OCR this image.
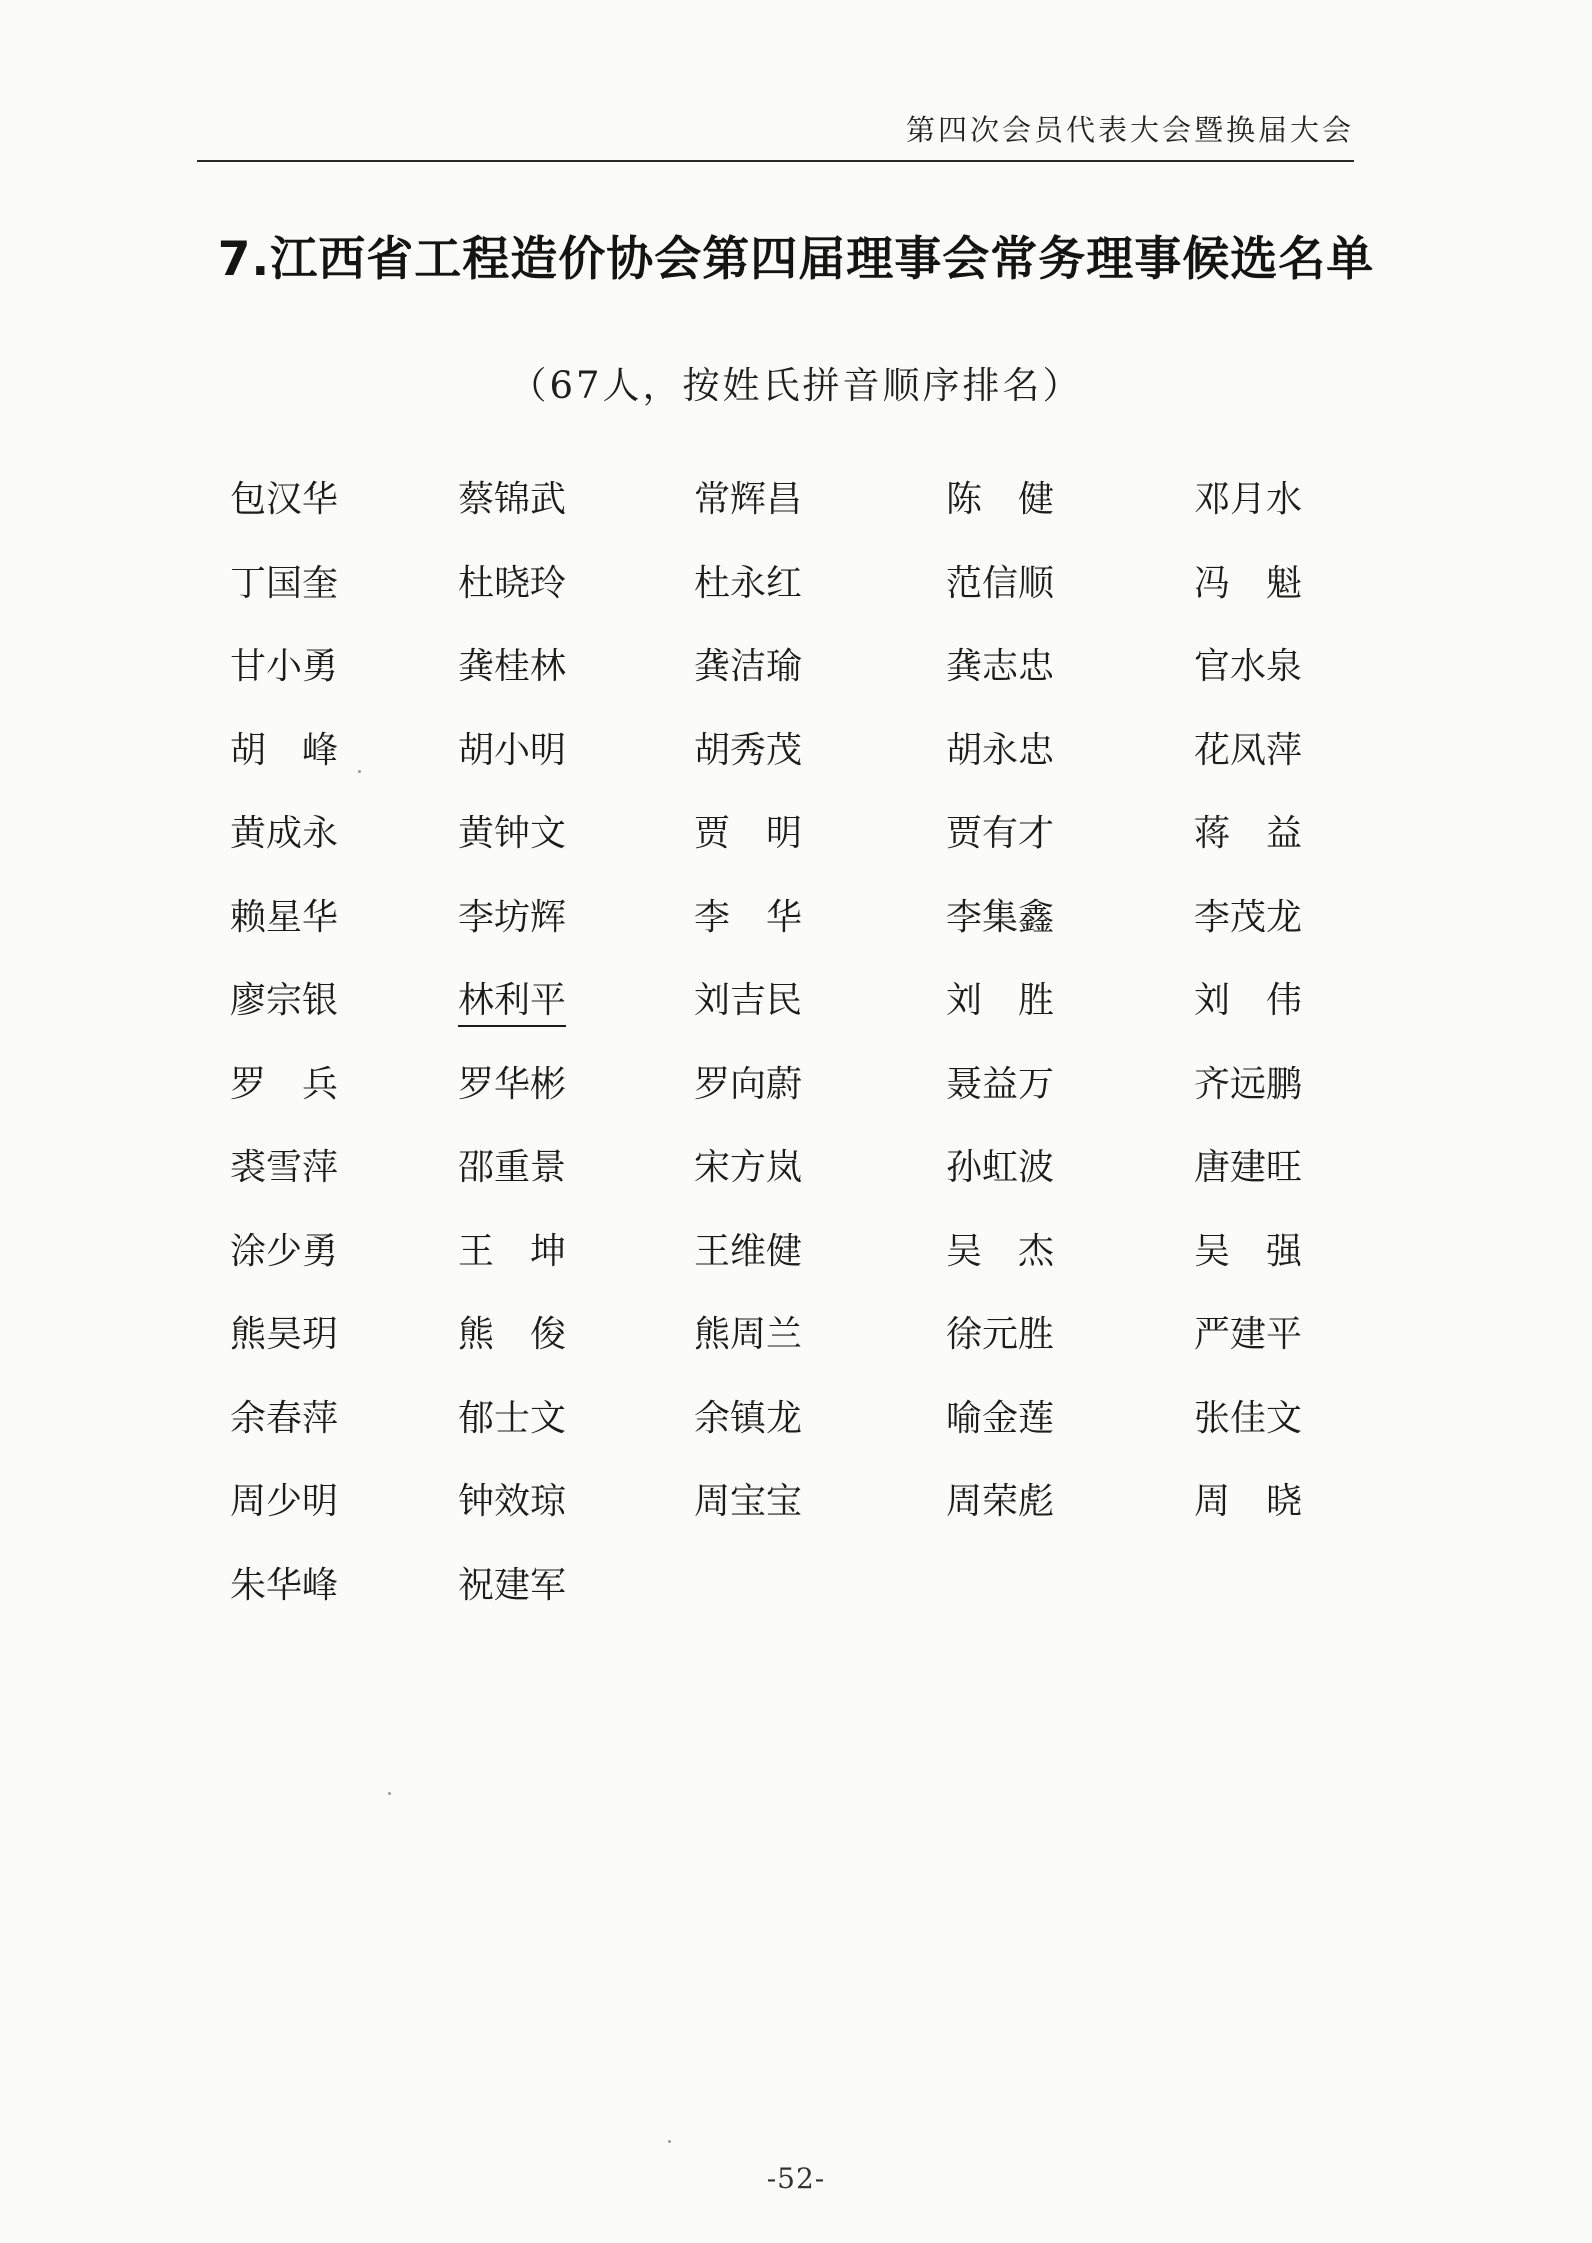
第四次会员代表大会暨换届大会
7.江西省工程造价协会第四届理事会常务理事候选名单
（67人，按姓氏拼音顺序排名）
包汉华	蔡锦武	常辉昌	陈　健	邓月水
丁国奎	杜晓玲	杜永红	范信顺	冯　魁
甘小勇	龚桂林	龚洁瑜	龚志忠	官水泉
胡　峰	胡小明	胡秀茂	胡永忠	花凤萍
黄成永	黄钟文	贾　明	贾有才	蒋　益
赖星华	李坊辉	李　华	李集鑫	李茂龙
廖宗银	林利平	刘吉民	刘　胜	刘　伟
罗　兵	罗华彬	罗向蔚	聂益万	齐远鹏
裘雪萍	邵重景	宋方岚	孙虹波	唐建旺
涂少勇	王　坤	王维健	吴　杰	吴　强
熊昊玥	熊　俊	熊周兰	徐元胜	严建平
余春萍	郁士文	余镇龙	喻金莲	张佳文
周少明	钟效琼	周宝宝	周荣彪	周　晓
朱华峰	祝建军
-52-
